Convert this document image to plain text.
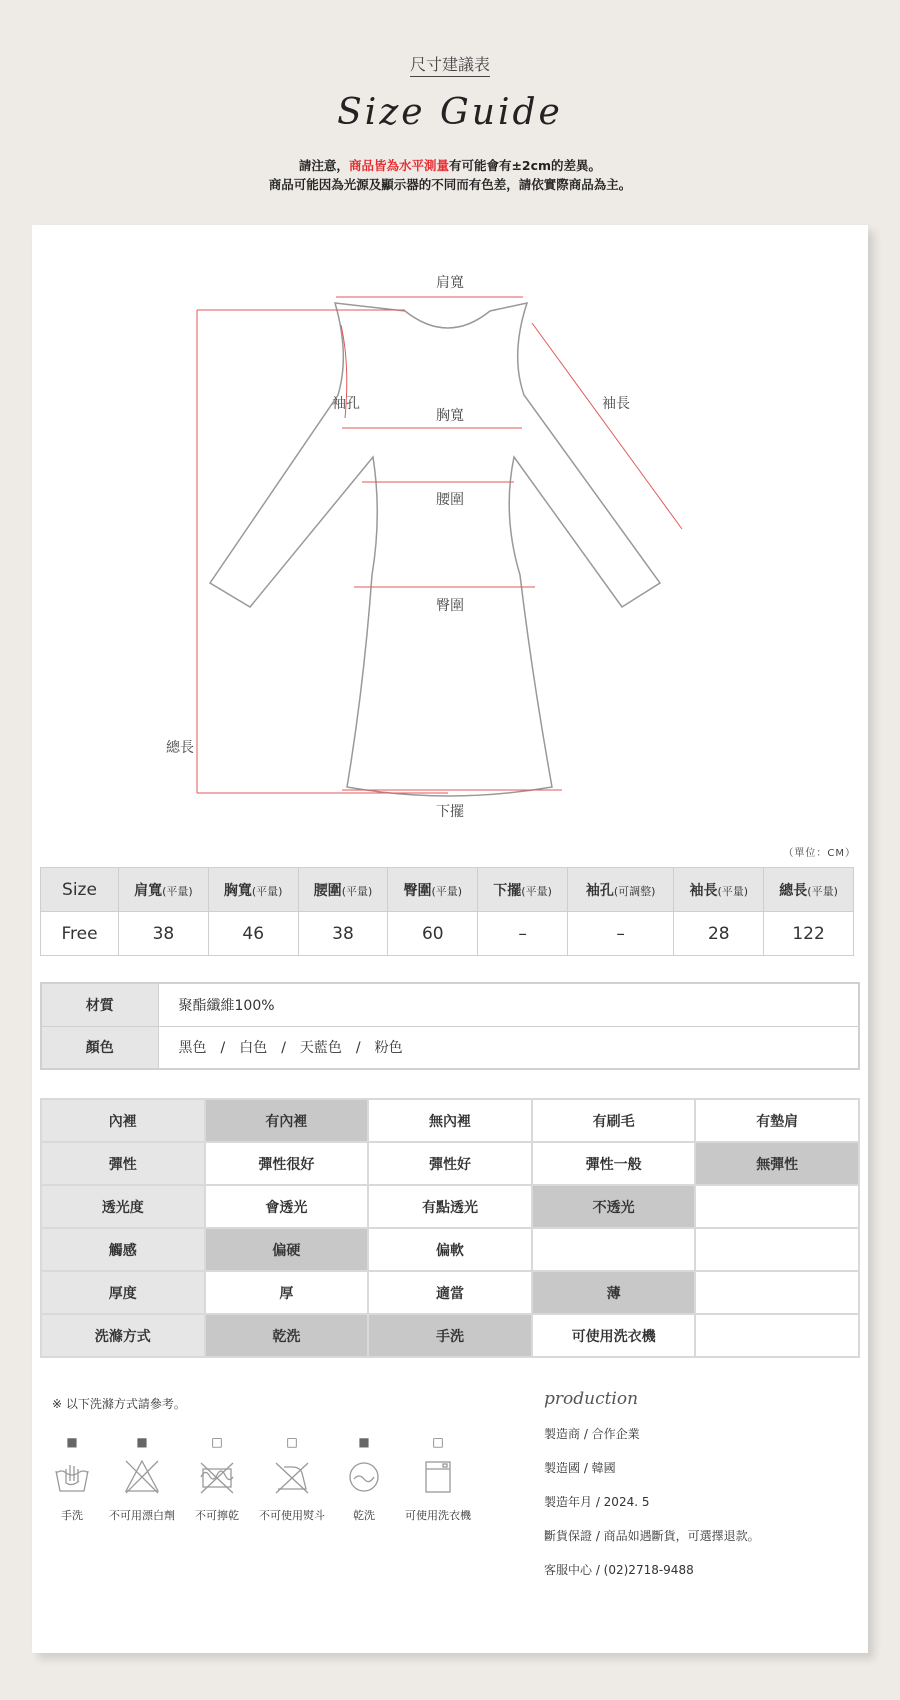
尺寸建議表
Size Guide
請注意，商品皆為水平測量有可能會有±2cm的差異。
商品可能因為光源及顯示器的不同而有色差，請依實際商品為主。
肩寬
袖孔
胸寬
袖長
腰圍
臀圍
總長
下擺
（單位：CM）
Size	肩寬(平量)	胸寬(平量)	腰圍(平量)	臀圍(平量)	下擺(平量)	袖孔(可調整)	袖長(平量)	總長(平量)
Free	38	46	38	60	–	–	28	122
材質	聚酯纖維100%
顏色	黑色　/　白色　/　天藍色　/　粉色
內裡	有內裡	無內裡	有刷毛	有墊肩
彈性	彈性很好	彈性好	彈性一般	無彈性
透光度	會透光	有點透光	不透光	
觸感	偏硬	偏軟		
厚度	厚	適當	薄	
洗滌方式	乾洗	手洗	可使用洗衣機	
※ 以下洗滌方式請參考。
■
手洗
■
不可用漂白劑
□
不可擰乾
□
不可使用熨斗
■
乾洗
□
可使用洗衣機
production
製造商 / 合作企業
製造國 / 韓國
製造年月 / 2024. 5
斷貨保證 / 商品如遇斷貨，可選擇退款。
客服中心 / (02)2718-9488
